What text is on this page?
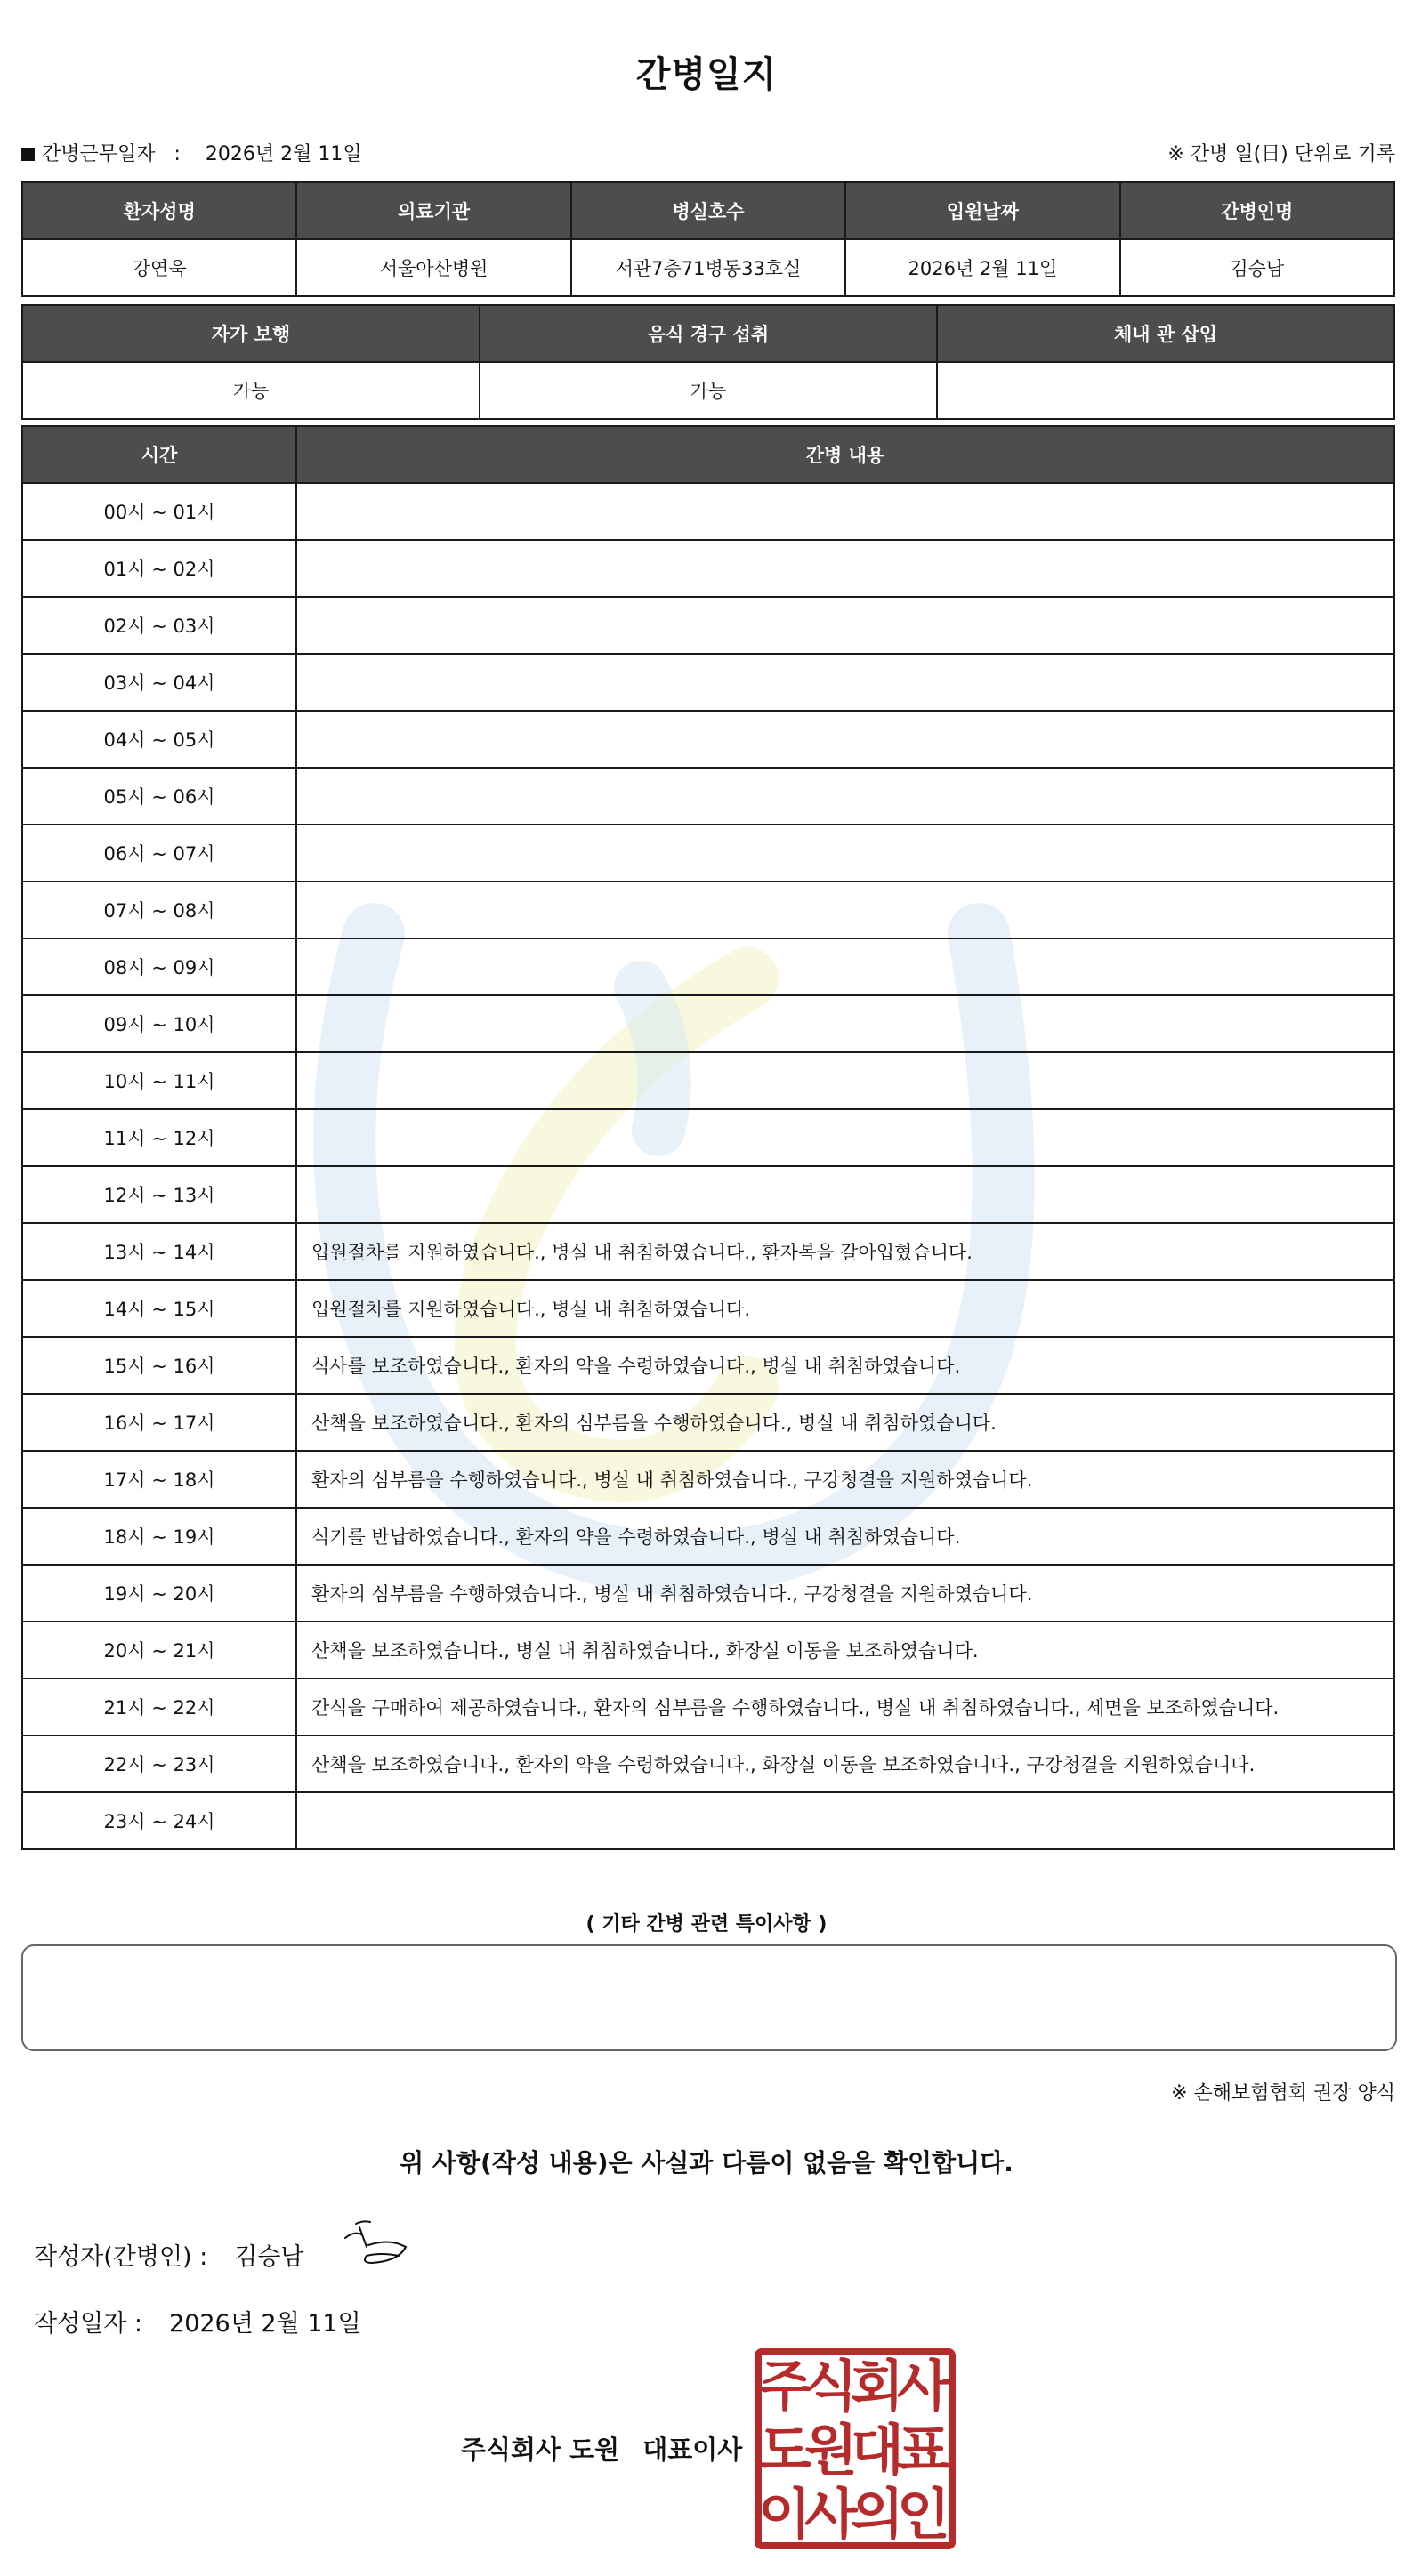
간병일지
간병근무일자 : 2026년 2월 11일	※ 간병 일(日) 단위로 기록
환자성명	의료기관	병실호수	입원날짜	간병인명
강연욱	서울아산병원	서관7층71병동33호실	2026년 2월 11일	김승남
자가 보행	음식 경구 섭취	체내 관 삽입
가능	가능	
시간	간병 내용
00시 ~ 01시	
01시 ~ 02시	
02시 ~ 03시	
03시 ~ 04시	
04시 ~ 05시	
05시 ~ 06시	
06시 ~ 07시	
07시 ~ 08시	
08시 ~ 09시	
09시 ~ 10시	
10시 ~ 11시	
11시 ~ 12시	
12시 ~ 13시	
13시 ~ 14시	입원절차를 지원하였습니다., 병실 내 취침하였습니다., 환자복을 갈아입혔습니다.
14시 ~ 15시	입원절차를 지원하였습니다., 병실 내 취침하였습니다.
15시 ~ 16시	식사를 보조하였습니다., 환자의 약을 수령하였습니다., 병실 내 취침하였습니다.
16시 ~ 17시	산책을 보조하였습니다., 환자의 심부름을 수행하였습니다., 병실 내 취침하였습니다.
17시 ~ 18시	환자의 심부름을 수행하였습니다., 병실 내 취침하였습니다., 구강청결을 지원하였습니다.
18시 ~ 19시	식기를 반납하였습니다., 환자의 약을 수령하였습니다., 병실 내 취침하였습니다.
19시 ~ 20시	환자의 심부름을 수행하였습니다., 병실 내 취침하였습니다., 구강청결을 지원하였습니다.
20시 ~ 21시	산책을 보조하였습니다., 병실 내 취침하였습니다., 화장실 이동을 보조하였습니다.
21시 ~ 22시	간식을 구매하여 제공하였습니다., 환자의 심부름을 수행하였습니다., 병실 내 취침하였습니다., 세면을 보조하였습니다.
22시 ~ 23시	산책을 보조하였습니다., 환자의 약을 수령하였습니다., 화장실 이동을 보조하였습니다., 구강청결을 지원하였습니다.
23시 ~ 24시	
( 기타 간병 관련 특이사항 )
※ 손해보험협회 권장 양식
위 사항(작성 내용)은 사실과 다름이 없음을 확인합니다.
작성자(간병인) : 김승남
작성일자 : 2026년 2월 11일
주식회사 도원 대표이사
주
식
회
사
도
원
대
표
이
사
의
인
